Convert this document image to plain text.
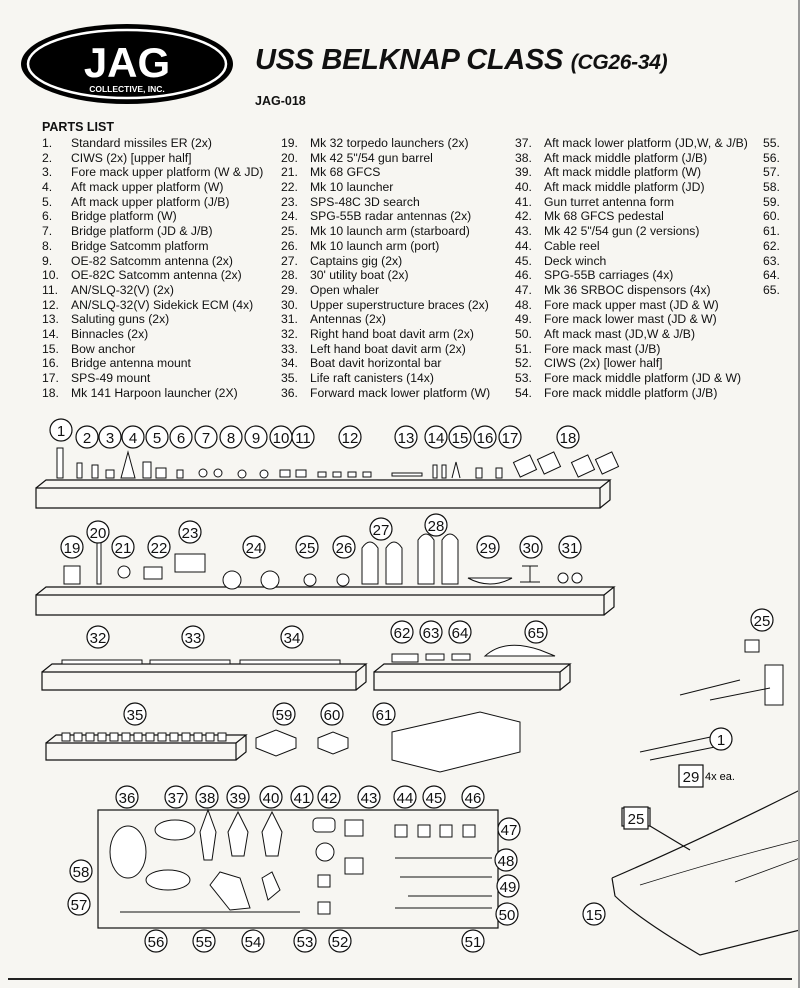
JAG
COLLECTIVE, INC.
USS BELKNAP CLASS (CG26-34)
JAG-018
PARTS LIST
1. Standard missiles ER (2x)
2. CIWS (2x) [upper half]
3. Fore mack upper platform (W & JD)
4. Aft mack upper platform (W)
5. Aft mack upper platform (J/B)
6. Bridge platform (W)
7. Bridge platform (JD & J/B)
8. Bridge Satcomm platform
9. OE-82 Satcomm antenna (2x)
10. OE-82C Satcomm antenna (2x)
11. AN/SLQ-32(V) (2x)
12. AN/SLQ-32(V) Sidekick ECM (4x)
13. Saluting guns (2x)
14. Binnacles (2x)
15. Bow anchor
16. Bridge antenna mount
17. SPS-49 mount
18. Mk 141 Harpoon launcher (2X)
19. Mk 32 torpedo launchers (2x)
20. Mk 42 5"/54 gun barrel
21. Mk 68 GFCS
22. Mk 10 launcher
23. SPS-48C 3D search
24. SPG-55B radar antennas (2x)
25. Mk 10 launch arm (starboard)
26. Mk 10 launch arm (port)
27. Captains gig (2x)
28. 30' utility boat (2x)
29. Open whaler
30. Upper superstructure braces (2x)
31. Antennas (2x)
32. Right hand boat davit arm (2x)
33. Left hand boat davit arm (2x)
34. Boat davit horizontal bar
35. Life raft canisters (14x)
36. Forward mack lower platform (W)
37. Aft mack lower platform (JD,W, & J/B)
38. Aft mack middle platform (J/B)
39. Aft mack middle platform (W)
40. Aft mack middle platform (JD)
41. Gun turret antenna form
42. Mk 68 GFCS pedestal
43. Mk 42 5"/54 gun (2 versions)
44. Cable reel
45. Deck winch
46. SPG-55B carriages (4x)
47. Mk 36 SRBOC dispensors (4x)
48. Fore mack upper mast (JD & W)
49. Fore mack lower mast (JD & W)
50. Aft mack mast (JD,W & J/B)
51. Fore mack mast (J/B)
52. CIWS (2x) [lower half]
53. Fore mack middle platform (JD & W)
54. Fore mack middle platform (J/B)
55.
56.
57.
58.
59.
60.
61.
62.
63.
64.
65.
1 2 3 4 5 6 7 8 9 10 11 12	13 14 15 16 17	18
19
20
21 22
23
24 25 26
27	28
29 30 31
32	33	34	62 63 64	65
35	59 60 61
36 37 38 39 40 41 42 43 44 45 46
47
48
49
50
51
52
53
54
55
56
57
58
25
1
29
25
15
4x ea.
